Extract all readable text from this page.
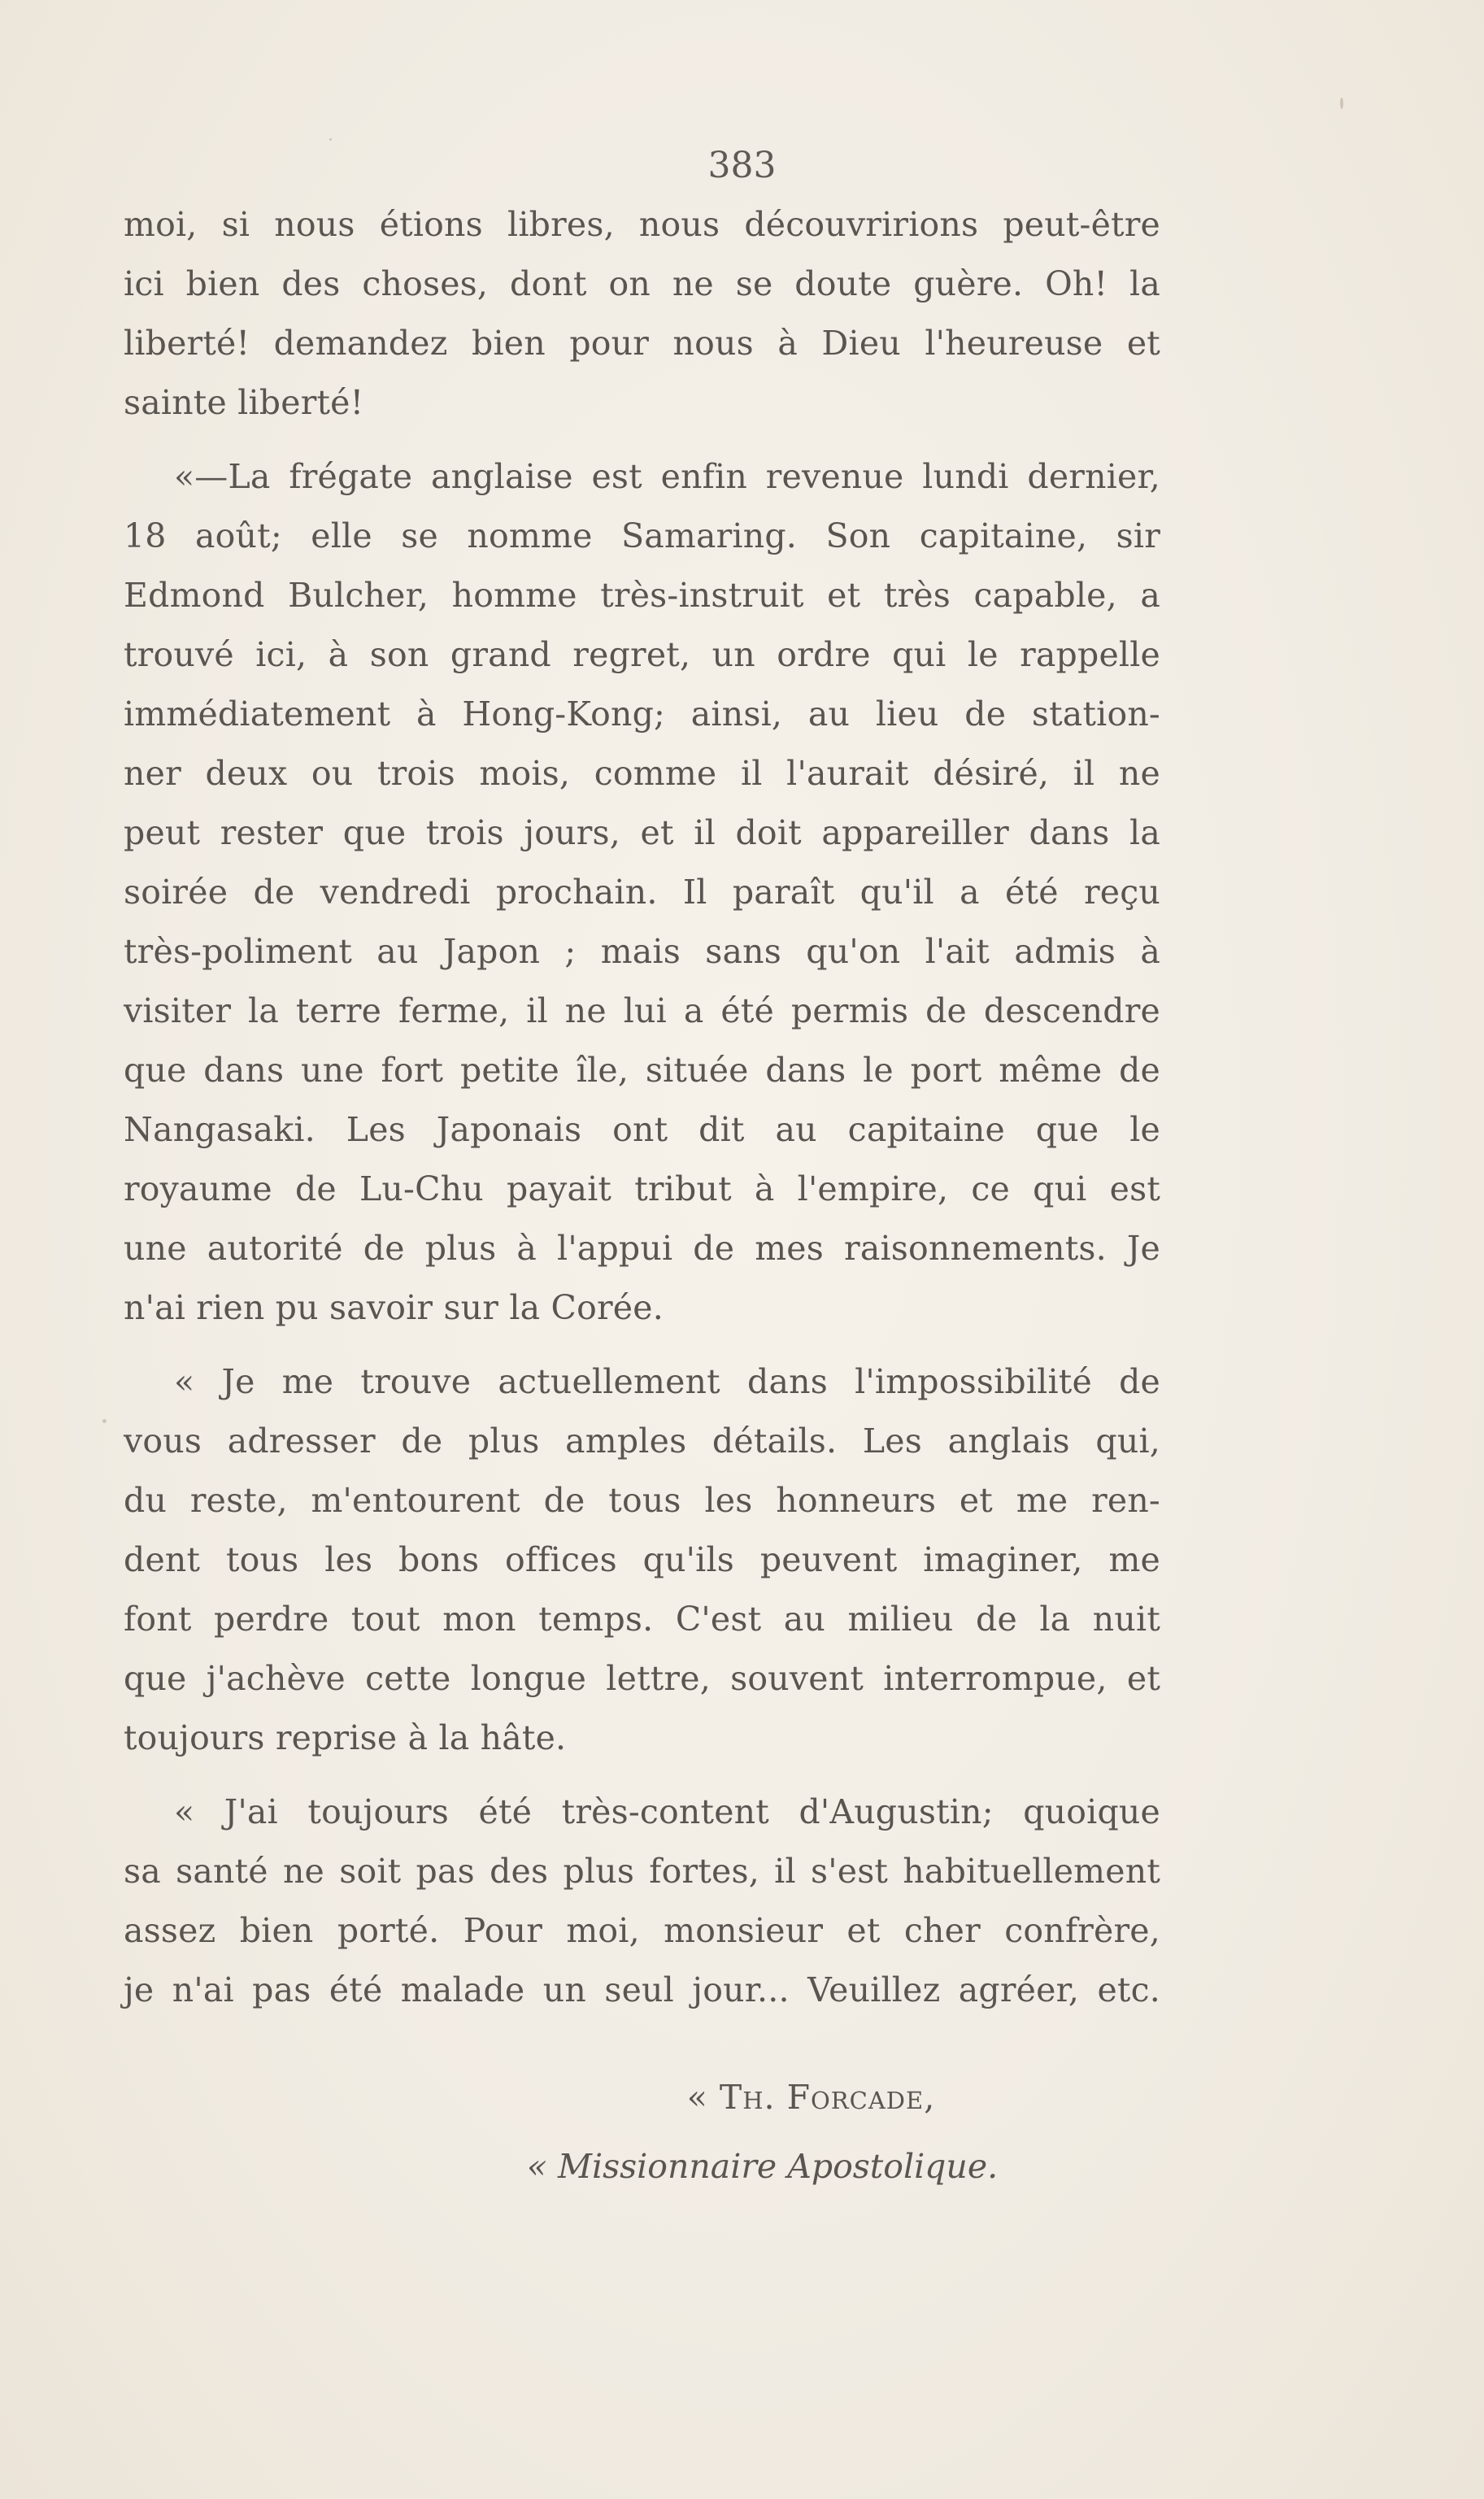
383
moi, si nous étions libres, nous découvririons peut-être
ici bien des choses, dont on ne se doute guère. Oh! la
liberté! demandez bien pour nous à Dieu l'heureuse et
sainte liberté!
«—La frégate anglaise est enfin revenue lundi dernier,
18 août; elle se nomme Samaring. Son capitaine, sir
Edmond Bulcher, homme très-instruit et très capable, a
trouvé ici, à son grand regret, un ordre qui le rappelle
immédiatement à Hong-Kong; ainsi, au lieu de station-
ner deux ou trois mois, comme il l'aurait désiré, il ne
peut rester que trois jours, et il doit appareiller dans la
soirée de vendredi prochain. Il paraît qu'il a été reçu
très-poliment au Japon ; mais sans qu'on l'ait admis à
visiter la terre ferme, il ne lui a été permis de descendre
que dans une fort petite île, située dans le port même de
Nangasaki. Les Japonais ont dit au capitaine que le
royaume de Lu-Chu payait tribut à l'empire, ce qui est
une autorité de plus à l'appui de mes raisonnements. Je
n'ai rien pu savoir sur la Corée.
« Je me trouve actuellement dans l'impossibilité de
vous adresser de plus amples détails. Les anglais qui,
du reste, m'entourent de tous les honneurs et me ren-
dent tous les bons offices qu'ils peuvent imaginer, me
font perdre tout mon temps. C'est au milieu de la nuit
que j'achève cette longue lettre, souvent interrompue, et
toujours reprise à la hâte.
« J'ai toujours été très-content d'Augustin; quoique
sa santé ne soit pas des plus fortes, il s'est habituellement
assez bien porté. Pour moi, monsieur et cher confrère,
je n'ai pas été malade un seul jour... Veuillez agréer, etc.
« Th. Forcade,
« Missionnaire Apostolique.
